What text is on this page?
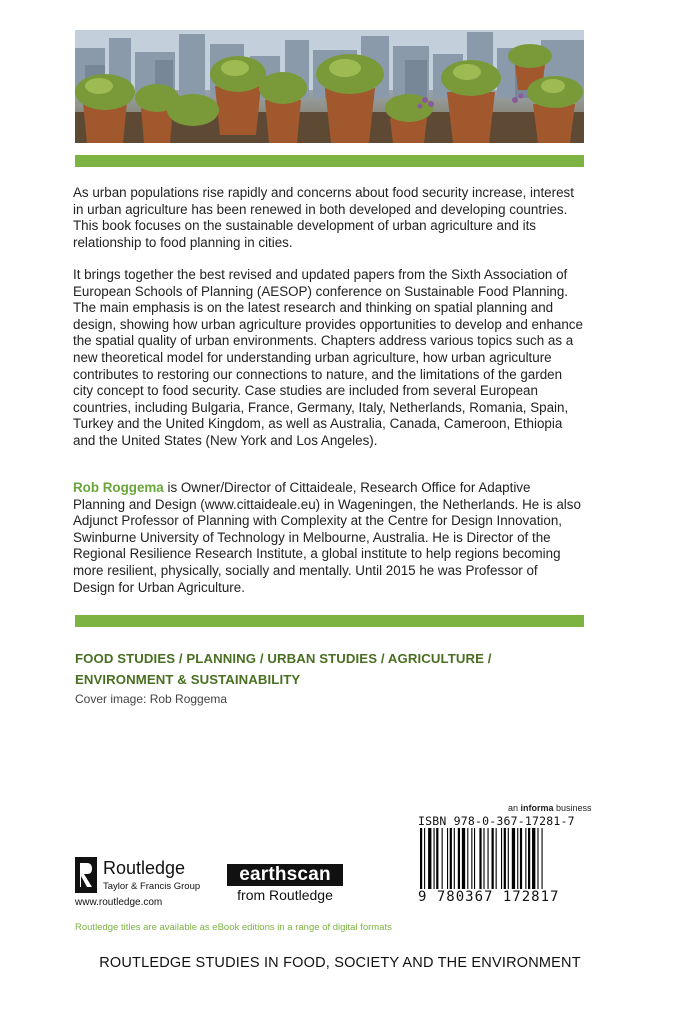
As urban populations rise rapidly and concerns about food security increase, interest in urban agriculture has been renewed in both developed and developing countries. This book focuses on the sustainable development of urban agriculture and its relationship to food planning in cities.

It brings together the best revised and updated papers from the Sixth Association of European Schools of Planning (AESOP) conference on Sustainable Food Planning. The main emphasis is on the latest research and thinking on spatial planning and design, showing how urban agriculture provides opportunities to develop and enhance the spatial quality of urban environments. Chapters address various topics such as a new theoretical model for understanding urban agriculture, how urban agriculture contributes to restoring our connections to nature, and the limitations of the garden city concept to food security. Case studies are included from several European countries, including Bulgaria, France, Germany, Italy, Netherlands, Romania, Spain, Turkey and the United Kingdom, as well as Australia, Canada, Cameroon, Ethiopia and the United States (New York and Los Angeles).

Rob Roggema is Owner/Director of Cittaideale, Research Office for Adaptive Planning and Design (www.cittaideale.eu) in Wageningen, the Netherlands. He is also Adjunct Professor of Planning with Complexity at the Centre for Design Innovation, Swinburne University of Technology in Melbourne, Australia. He is Director of the Regional Resilience Research Institute, a global institute to help regions becoming more resilient, physically, socially and mentally. Until 2015 he was Professor of Design for Urban Agriculture.

FOOD STUDIES / PLANNING / URBAN STUDIES / AGRICULTURE /
ENVIRONMENT & SUSTAINABILITY
Cover image: Rob Roggema
an informa business
ISBN 978-0-367-17281-7
9 780367 172817
Routledge
Taylor & Francis Group
www.routledge.com
earthscan
from Routledge
Routledge titles are available as eBook editions in a range of digital formats
ROUTLEDGE STUDIES IN FOOD, SOCIETY AND THE ENVIRONMENT
